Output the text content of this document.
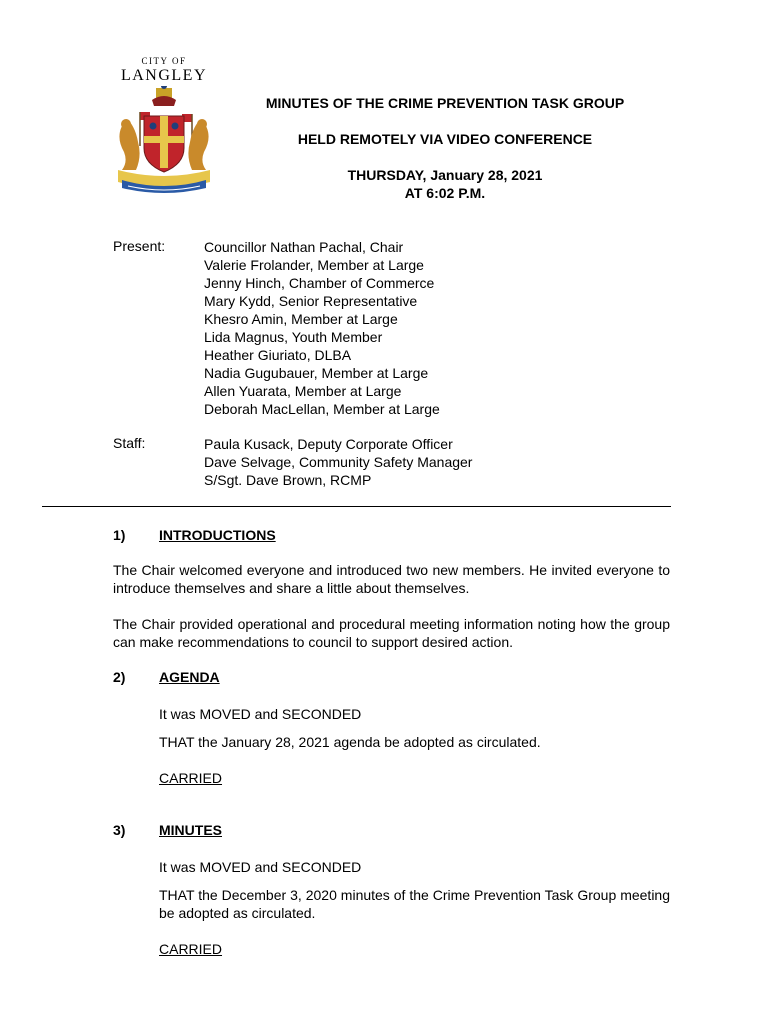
CITY OF
LANGLEY
MINUTES OF THE CRIME PREVENTION TASK GROUP
HELD REMOTELY VIA VIDEO CONFERENCE
THURSDAY, January 28, 2021
AT 6:02 P.M.
Present:	Councillor Nathan Pachal, Chair
Valerie Frolander, Member at Large
Jenny Hinch, Chamber of Commerce
Mary Kydd, Senior Representative
Khesro Amin, Member at Large
Lida Magnus, Youth Member
Heather Giuriato, DLBA
Nadia Gugubauer, Member at Large
Allen Yuarata, Member at Large
Deborah MacLellan, Member at Large
Staff:	Paula Kusack, Deputy Corporate Officer
Dave Selvage, Community Safety Manager
S/Sgt. Dave Brown, RCMP
1) INTRODUCTIONS
The Chair welcomed everyone and introduced two new members. He invited everyone to introduce themselves and share a little about themselves.
The Chair provided operational and procedural meeting information noting how the group can make recommendations to council to support desired action.
2) AGENDA
It was MOVED and SECONDED
THAT the January 28, 2021 agenda be adopted as circulated.
CARRIED
3) MINUTES
It was MOVED and SECONDED
THAT the December 3, 2020 minutes of the Crime Prevention Task Group meeting be adopted as circulated.
CARRIED
